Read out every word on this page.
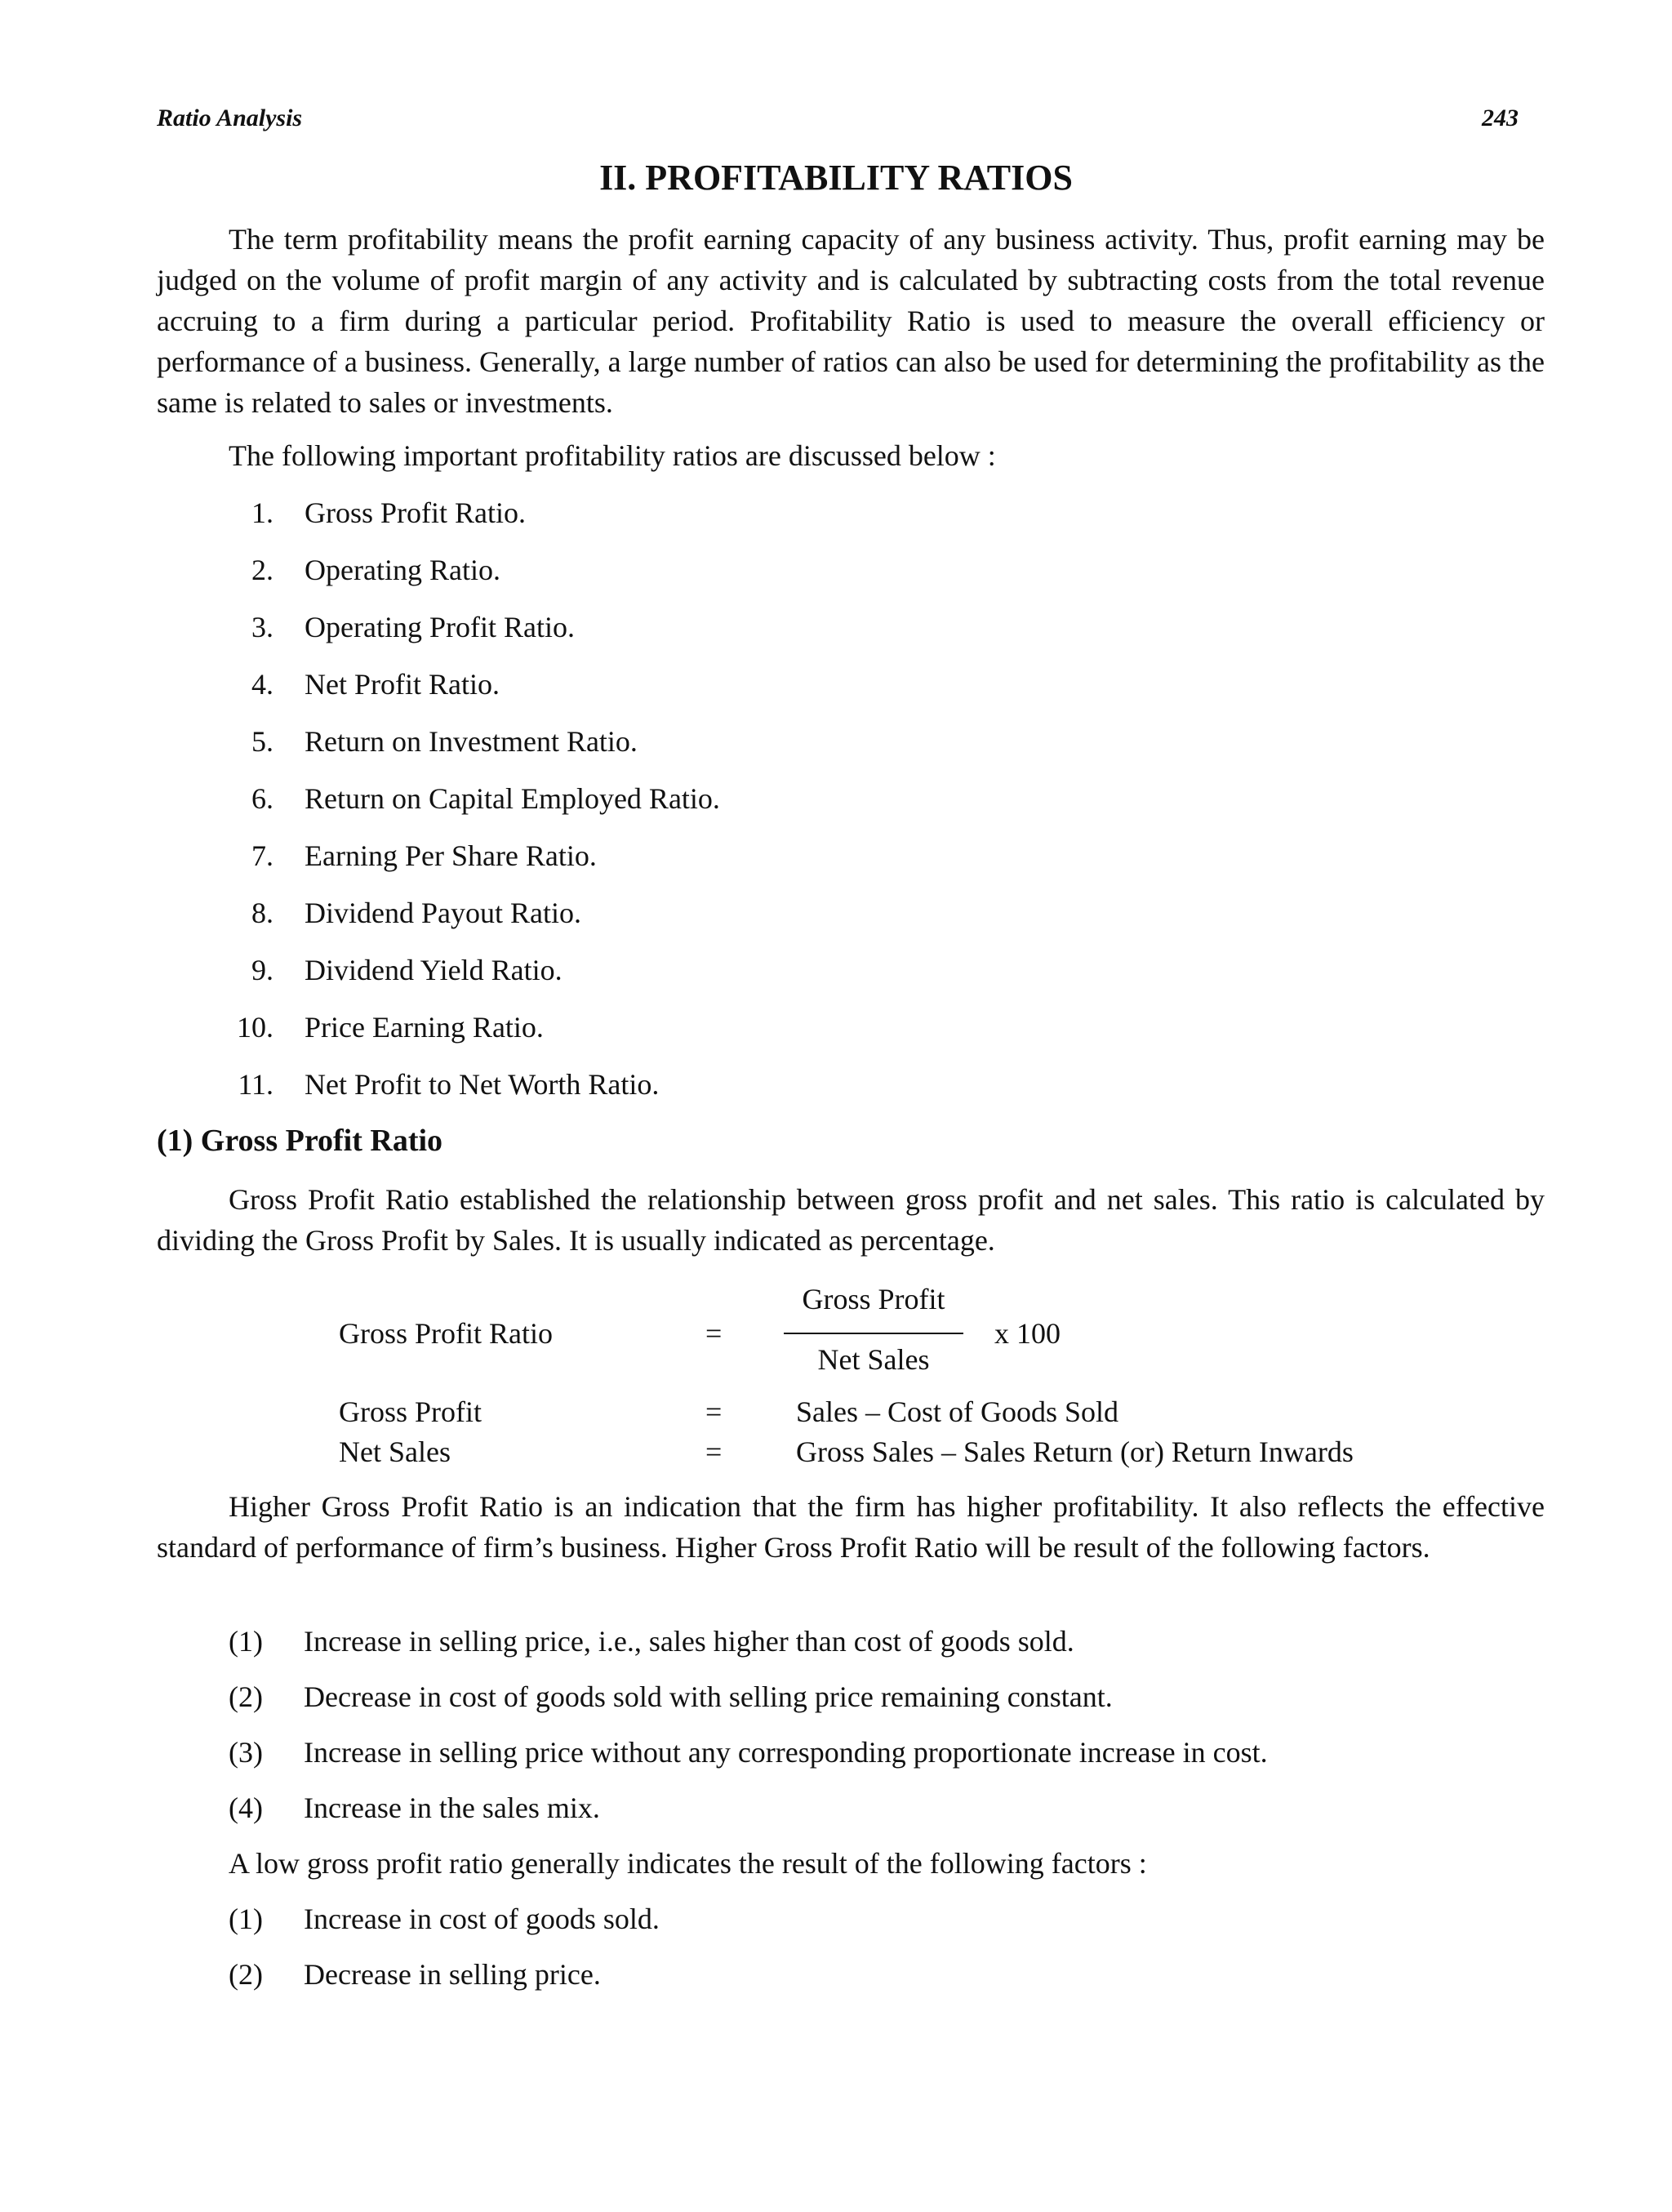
Ratio Analysis	243
II. PROFITABILITY RATIOS
The term profitability means the profit earning capacity of any business activity. Thus, profit earning may be judged on the volume of profit margin of any activity and is calculated by subtracting costs from the total revenue accruing to a firm during a particular period. Profitability Ratio is used to measure the overall efficiency or performance of a business. Generally, a large number of ratios can also be used for determining the profitability as the same is related to sales or investments.
The following important profitability ratios are discussed below :
1. Gross Profit Ratio.
2. Operating Ratio.
3. Operating Profit Ratio.
4. Net Profit Ratio.
5. Return on Investment Ratio.
6. Return on Capital Employed Ratio.
7. Earning Per Share Ratio.
8. Dividend Payout Ratio.
9. Dividend Yield Ratio.
10. Price Earning Ratio.
11. Net Profit to Net Worth Ratio.
(1) Gross Profit Ratio
Gross Profit Ratio established the relationship between gross profit and net sales. This ratio is calculated by dividing the Gross Profit by Sales. It is usually indicated as percentage.
Gross Profit Ratio	=
Gross Profit	=	Sales – Cost of Goods Sold
Net Sales	=	Gross Sales – Sales Return (or) Return Inwards
Gross Profit
Net Sales
x 100
Higher Gross Profit Ratio is an indication that the firm has higher profitability. It also reflects the effective standard of performance of firm’s business. Higher Gross Profit Ratio will be result of the following factors.
(1) Increase in selling price, i.e., sales higher than cost of goods sold.
(2) Decrease in cost of goods sold with selling price remaining constant.
(3) Increase in selling price without any corresponding proportionate increase in cost.
(4) Increase in the sales mix.
A low gross profit ratio generally indicates the result of the following factors :
(1) Increase in cost of goods sold.
(2) Decrease in selling price.
